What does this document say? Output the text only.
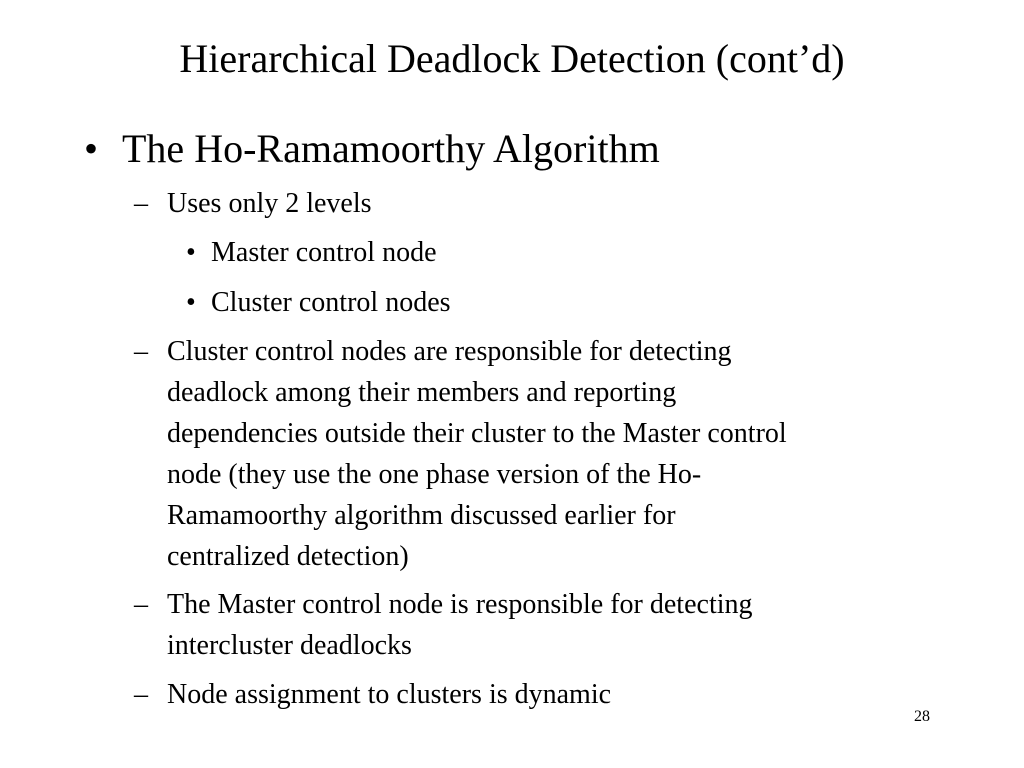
Hierarchical Deadlock Detection (cont’d)
• The Ho-Ramamoorthy Algorithm
– Uses only 2 levels
• Master control node
• Cluster control nodes
– Cluster control nodes are responsible for detecting
deadlock among their members and reporting
dependencies outside their cluster to the Master control
node (they use the one phase version of the Ho-
Ramamoorthy algorithm discussed earlier for
centralized detection)
– The Master control node is responsible for detecting
intercluster deadlocks
– Node assignment to clusters is dynamic
28
